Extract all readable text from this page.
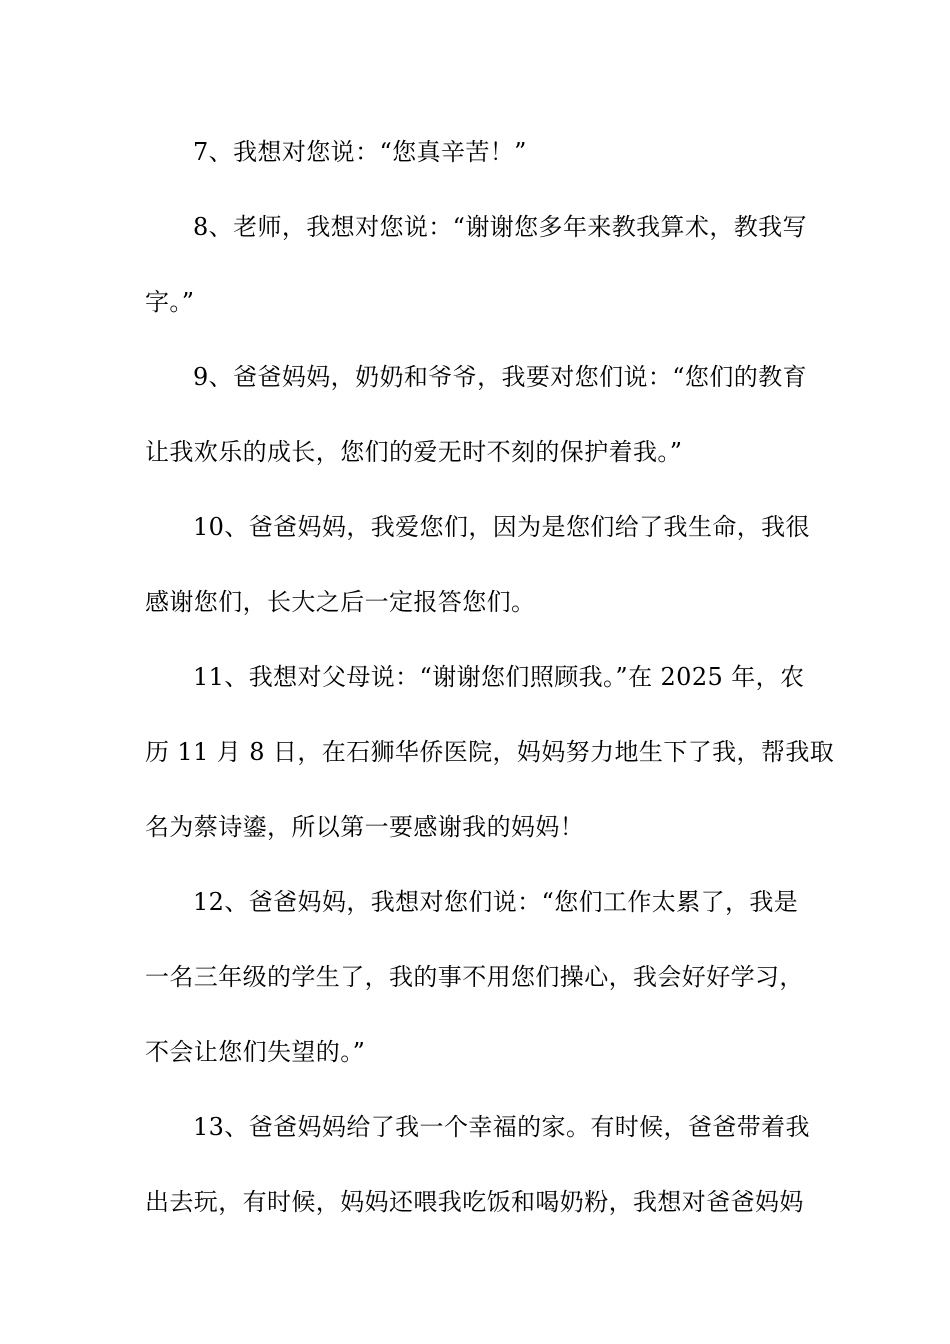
7、我想对您说：“您真辛苦！”
8、老师，我想对您说：“谢谢您多年来教我算术，教我写
字。”
9、爸爸妈妈，奶奶和爷爷，我要对您们说：“您们的教育
让我欢乐的成长，您们的爱无时不刻的保护着我。”
10、爸爸妈妈，我爱您们，因为是您们给了我生命，我很
感谢您们，长大之后一定报答您们。
11、我想对父母说：“谢谢您们照顾我。”在 2025 年，农
历 11 月 8 日，在石狮华侨医院，妈妈努力地生下了我，帮我取
名为蔡诗鎏，所以第一要感谢我的妈妈！
12、爸爸妈妈，我想对您们说：“您们工作太累了，我是
一名三年级的学生了，我的事不用您们操心，我会好好学习，
不会让您们失望的。”
13、爸爸妈妈给了我一个幸福的家。有时候，爸爸带着我
出去玩，有时候，妈妈还喂我吃饭和喝奶粉，我想对爸爸妈妈
